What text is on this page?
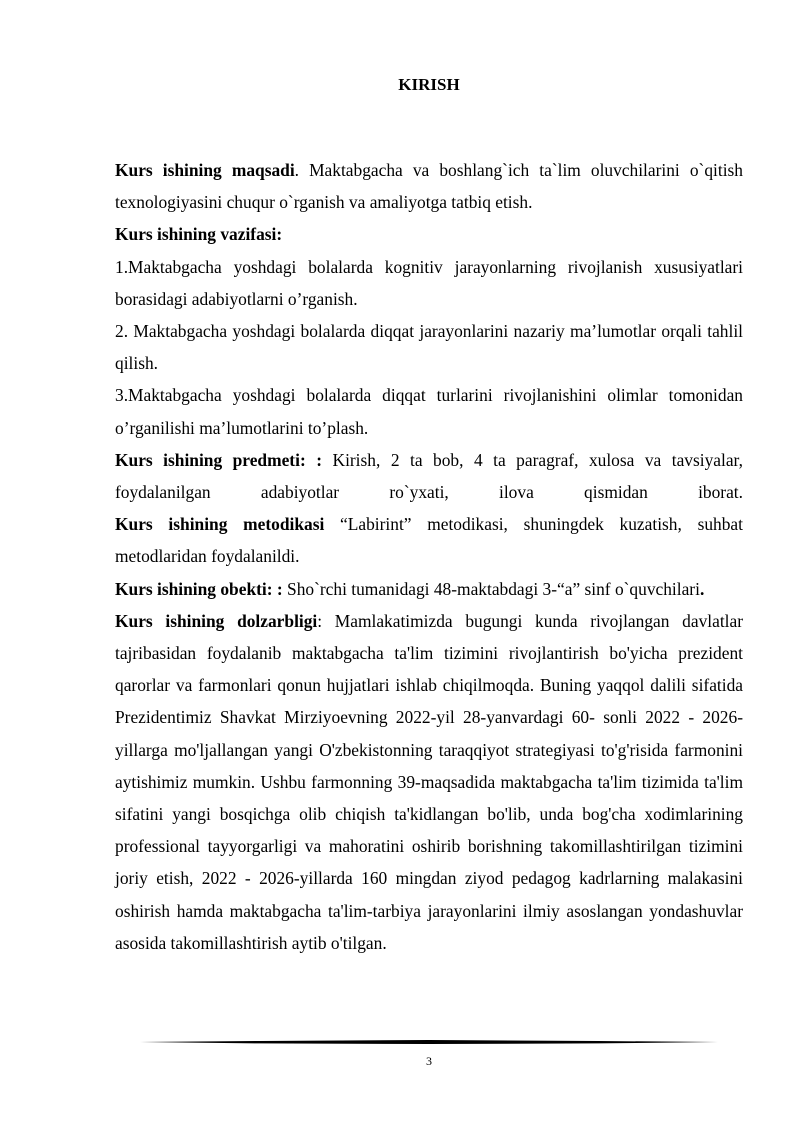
KIRISH

Kurs ishining maqsadi. Maktabgacha va boshlang`ich ta`lim oluvchilarini o`qitish texnologiyasini chuqur o`rganish va amaliyotga tatbiq etish.

Kurs ishining vazifasi:

1.Maktabgacha yoshdagi bolalarda kognitiv jarayonlarning rivojlanish xususiyatlari borasidagi adabiyotlarni o’rganish.

2. Maktabgacha yoshdagi bolalarda diqqat jarayonlarini nazariy ma’lumotlar orqali tahlil qilish.

3.Maktabgacha yoshdagi bolalarda diqqat turlarini rivojlanishini olimlar tomonidan o’rganilishi ma’lumotlarini to’plash.

Kurs ishining predmeti: : Kirish, 2 ta bob, 4 ta paragraf, xulosa va tavsiyalar, foydalanilgan adabiyotlar ro`yxati, ilova qismidan iborat.

Kurs ishining metodikasi “Labirint” metodikasi, shuningdek kuzatish, suhbat metodlaridan foydalanildi.

Kurs ishining obekti: : Sho`rchi tumanidagi 48-maktabdagi 3-“a” sinf o`quvchilari.

Kurs ishining dolzarbligi: Mamlakatimizda bugungi kunda rivojlangan davlatlar tajribasidan foydalanib maktabgacha ta'lim tizimini rivojlantirish bo'yicha prezident qarorlar va farmonlari qonun hujjatlari ishlab chiqilmoqda. Buning yaqqol dalili sifatida Prezidentimiz Shavkat Mirziyoevning 2022-yil 28-yanvardagi 60- sonli 2022 - 2026-yillarga mo'ljallangan yangi O'zbekistonning taraqqiyot strategiyasi to'g'risida farmonini aytishimiz mumkin. Ushbu farmonning 39-maqsadida maktabgacha ta'lim tizimida ta'lim sifatini yangi bosqichga olib chiqish ta'kidlangan bo'lib, unda bog'cha xodimlarining professional tayyorgarligi va mahoratini oshirib borishning takomillashtirilgan tizimini joriy etish, 2022 - 2026-yillarda 160 mingdan ziyod pedagog kadrlarning malakasini oshirish hamda maktabgacha ta'lim-tarbiya jarayonlarini ilmiy asoslangan yondashuvlar asosida takomillashtirish aytib o'tilgan.

3
